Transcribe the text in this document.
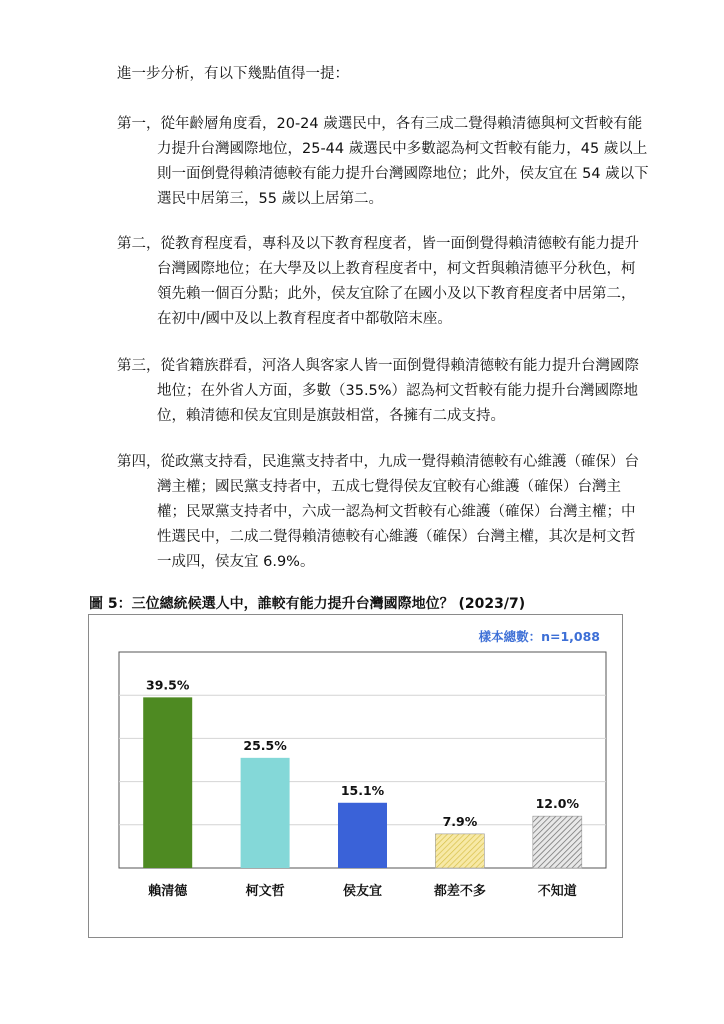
進一步分析，有以下幾點值得一提：
第一，從年齡層角度看，20-24 歲選民中，各有三成二覺得賴清德與柯文哲較有能力提升台灣國際地位，25-44 歲選民中多數認為柯文哲較有能力，45 歲以上則一面倒覺得賴清德較有能力提升台灣國際地位；此外，侯友宜在 54 歲以下選民中居第三，55 歲以上居第二。
第二，從教育程度看，專科及以下教育程度者，皆一面倒覺得賴清德較有能力提升台灣國際地位；在大學及以上教育程度者中，柯文哲與賴清德平分秋色，柯領先賴一個百分點；此外，侯友宜除了在國小及以下教育程度者中居第二，在初中/國中及以上教育程度者中都敬陪末座。
第三，從省籍族群看，河洛人與客家人皆一面倒覺得賴清德較有能力提升台灣國際地位；在外省人方面，多數（35.5%）認為柯文哲較有能力提升台灣國際地位，賴清德和侯友宜則是旗鼓相當，各擁有二成支持。
第四，從政黨支持看，民進黨支持者中，九成一覺得賴清德較有心維護（確保）台灣主權；國民黨支持者中，五成七覺得侯友宜較有心維護（確保）台灣主權；民眾黨支持者中，六成一認為柯文哲較有心維護（確保）台灣主權；中性選民中，二成二覺得賴清德較有心維護（確保）台灣主權，其次是柯文哲一成四，侯友宜 6.9%。
圖 5：三位總統候選人中，誰較有能力提升台灣國際地位？ (2023/7)
樣本總數：n=1,088
39.5%
賴清德
25.5%
柯文哲
15.1%
侯友宜
7.9%
都差不多
12.0%
不知道
